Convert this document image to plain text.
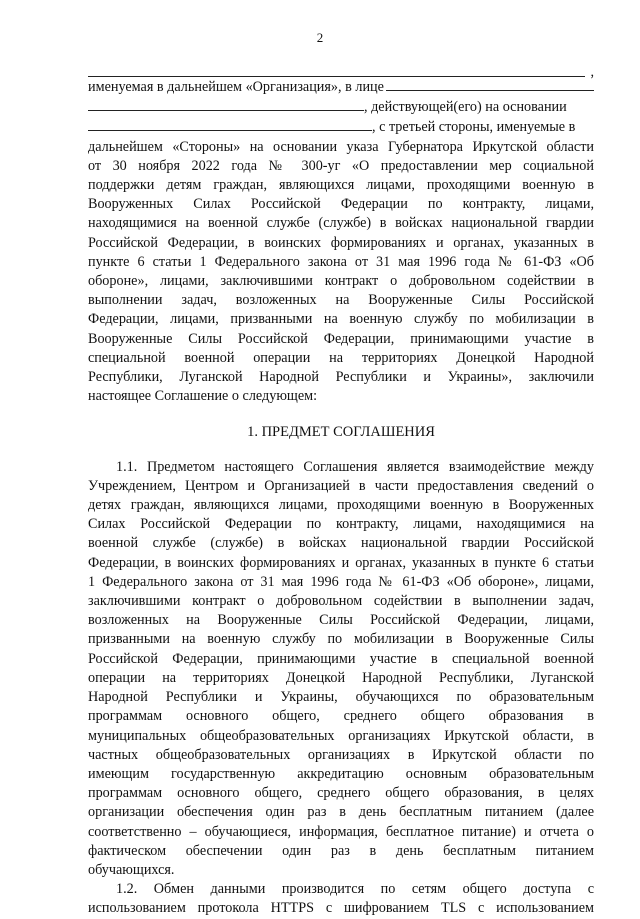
2
,
именуемая в дальнейшем «Организация», в лице
, действующей(его) на основании
, с третьей стороны, именуемые в
дальнейшем «Стороны» на основании указа Губернатора Иркутской области
от 30 ноября 2022 года № 300-уг «О предоставлении мер социальной
поддержки детям граждан, являющихся лицами, проходящими военную в
Вооруженных Силах Российской Федерации по контракту, лицами,
находящимися на военной службе (службе) в войсках национальной гвардии
Российской Федерации, в воинских формированиях и органах, указанных в
пункте 6 статьи 1 Федерального закона от 31 мая 1996 года № 61-ФЗ «Об
обороне», лицами, заключившими контракт о добровольном содействии в
выполнении задач, возложенных на Вооруженные Силы Российской
Федерации, лицами, призванными на военную службу по мобилизации в
Вооруженные Силы Российской Федерации, принимающими участие в
специальной военной операции на территориях Донецкой Народной
Республики, Луганской Народной Республики и Украины», заключили
настоящее Соглашение о следующем:
1. ПРЕДМЕТ СОГЛАШЕНИЯ
1.1. Предметом настоящего Соглашения является взаимодействие между
Учреждением, Центром и Организацией в части предоставления сведений о
детях граждан, являющихся лицами, проходящими военную в Вооруженных
Силах Российской Федерации по контракту, лицами, находящимися на
военной службе (службе) в войсках национальной гвардии Российской
Федерации, в воинских формированиях и органах, указанных в пункте 6 статьи
1 Федерального закона от 31 мая 1996 года № 61-ФЗ «Об обороне», лицами,
заключившими контракт о добровольном содействии в выполнении задач,
возложенных на Вооруженные Силы Российской Федерации, лицами,
призванными на военную службу по мобилизации в Вооруженные Силы
Российской Федерации, принимающими участие в специальной военной
операции на территориях Донецкой Народной Республики, Луганской
Народной Республики и Украины, обучающихся по образовательным
программам основного общего, среднего общего образования в
муниципальных общеобразовательных организациях Иркутской области, в
частных общеобразовательных организациях в Иркутской области по
имеющим государственную аккредитацию основным образовательным
программам основного общего, среднего общего образования, в целях
организации обеспечения один раз в день бесплатным питанием (далее
соответственно – обучающиеся, информация, бесплатное питание) и отчета о
фактическом обеспечении один раз в день бесплатным питанием
обучающихся.
1.2. Обмен данными производится по сетям общего доступа с
использованием протокола HTTPS с шифрованием TLS с использованием
